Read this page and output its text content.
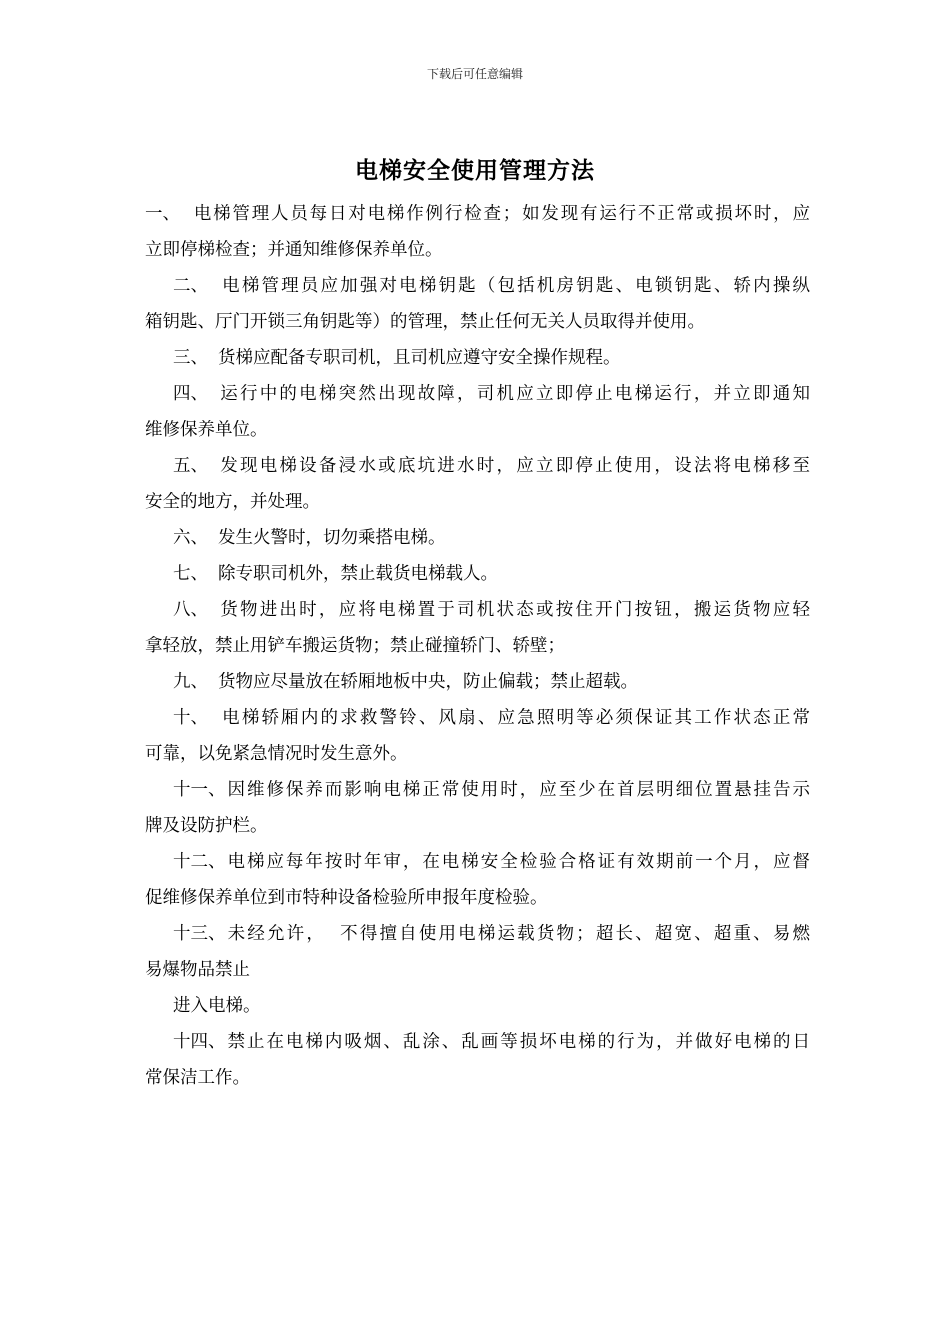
下载后可任意编辑
电梯安全使用管理方法
一、 电梯管理人员每日对电梯作例行检查；如发现有运行不正常或损坏时，应
立即停梯检查；并通知维修保养单位。
二、 电梯管理员应加强对电梯钥匙（包括机房钥匙、电锁钥匙、轿内操纵
箱钥匙、厅门开锁三角钥匙等）的管理，禁止任何无关人员取得并使用。
三、 货梯应配备专职司机，且司机应遵守安全操作规程。
四、 运行中的电梯突然出现故障，司机应立即停止电梯运行，并立即通知
维修保养单位。
五、 发现电梯设备浸水或底坑进水时，应立即停止使用，设法将电梯移至
安全的地方，并处理。
六、 发生火警时，切勿乘搭电梯。
七、 除专职司机外，禁止载货电梯载人。
八、 货物进出时，应将电梯置于司机状态或按住开门按钮，搬运货物应轻
拿轻放，禁止用铲车搬运货物；禁止碰撞轿门、轿壁；
九、 货物应尽量放在轿厢地板中央，防止偏载；禁止超载。
十、 电梯轿厢内的求救警铃、风扇、应急照明等必须保证其工作状态正常
可靠，以免紧急情况时发生意外。
十一、因维修保养而影响电梯正常使用时，应至少在首层明细位置悬挂告示
牌及设防护栏。
十二、电梯应每年按时年审，在电梯安全检验合格证有效期前一个月，应督
促维修保养单位到市特种设备检验所申报年度检验。
十三、未经允许， 不得擅自使用电梯运载货物；超长、超宽、超重、易燃
易爆物品禁止
进入电梯。
十四、禁止在电梯内吸烟、乱涂、乱画等损坏电梯的行为，并做好电梯的日
常保洁工作。
